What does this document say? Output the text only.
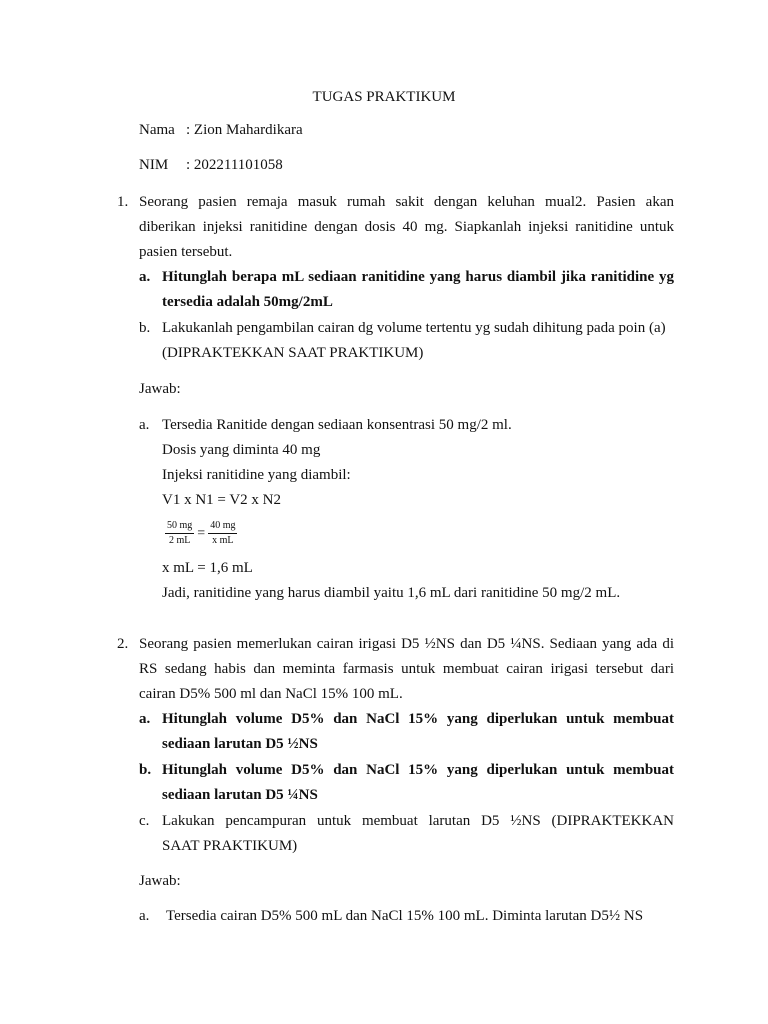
TUGAS PRAKTIKUM
Nama : Zion Mahardikara
NIM : 202211101058
1. Seorang pasien remaja masuk rumah sakit dengan keluhan mual2. Pasien akan
diberikan injeksi ranitidine dengan dosis 40 mg. Siapkanlah injeksi ranitidine untuk
pasien tersebut.
a. Hitunglah berapa mL sediaan ranitidine yang harus diambil jika ranitidine yg
tersedia adalah 50mg/2mL
b. Lakukanlah pengambilan cairan dg volume tertentu yg sudah dihitung pada poin (a)
(DIPRAKTEKKAN SAAT PRAKTIKUM)
Jawab:
a. Tersedia Ranitide dengan sediaan konsentrasi 50 mg/2 ml.
Dosis yang diminta 40 mg
Injeksi ranitidine yang diambil:
V1 x N1 = V2 x N2
$\frac{50 mg}{2 mL} = \frac{40 mg}{\text{x mL}}$
x mL = 1,6 mL
Jadi, ranitidine yang harus diambil yaitu 1,6 mL dari ranitidine 50 mg/2 mL.
2. Seorang pasien memerlukan cairan irigasi D5 ½NS dan D5 ¼NS. Sediaan yang ada di
RS sedang habis dan meminta farmasis untuk membuat cairan irigasi tersebut dari
cairan D5% 500 ml dan NaCl 15% 100 mL.
a. Hitunglah volume D5% dan NaCl 15% yang diperlukan untuk membuat
sediaan larutan D5 ½NS
b. Hitunglah volume D5% dan NaCl 15% yang diperlukan untuk membuat
sediaan larutan D5 ¼NS
c. Lakukan pencampuran untuk membuat larutan D5 ½NS (DIPRAKTEKKAN
SAAT PRAKTIKUM)
Jawab:
a. Tersedia cairan D5% 500 mL dan NaCl 15% 100 mL. Diminta larutan D5½ NS
